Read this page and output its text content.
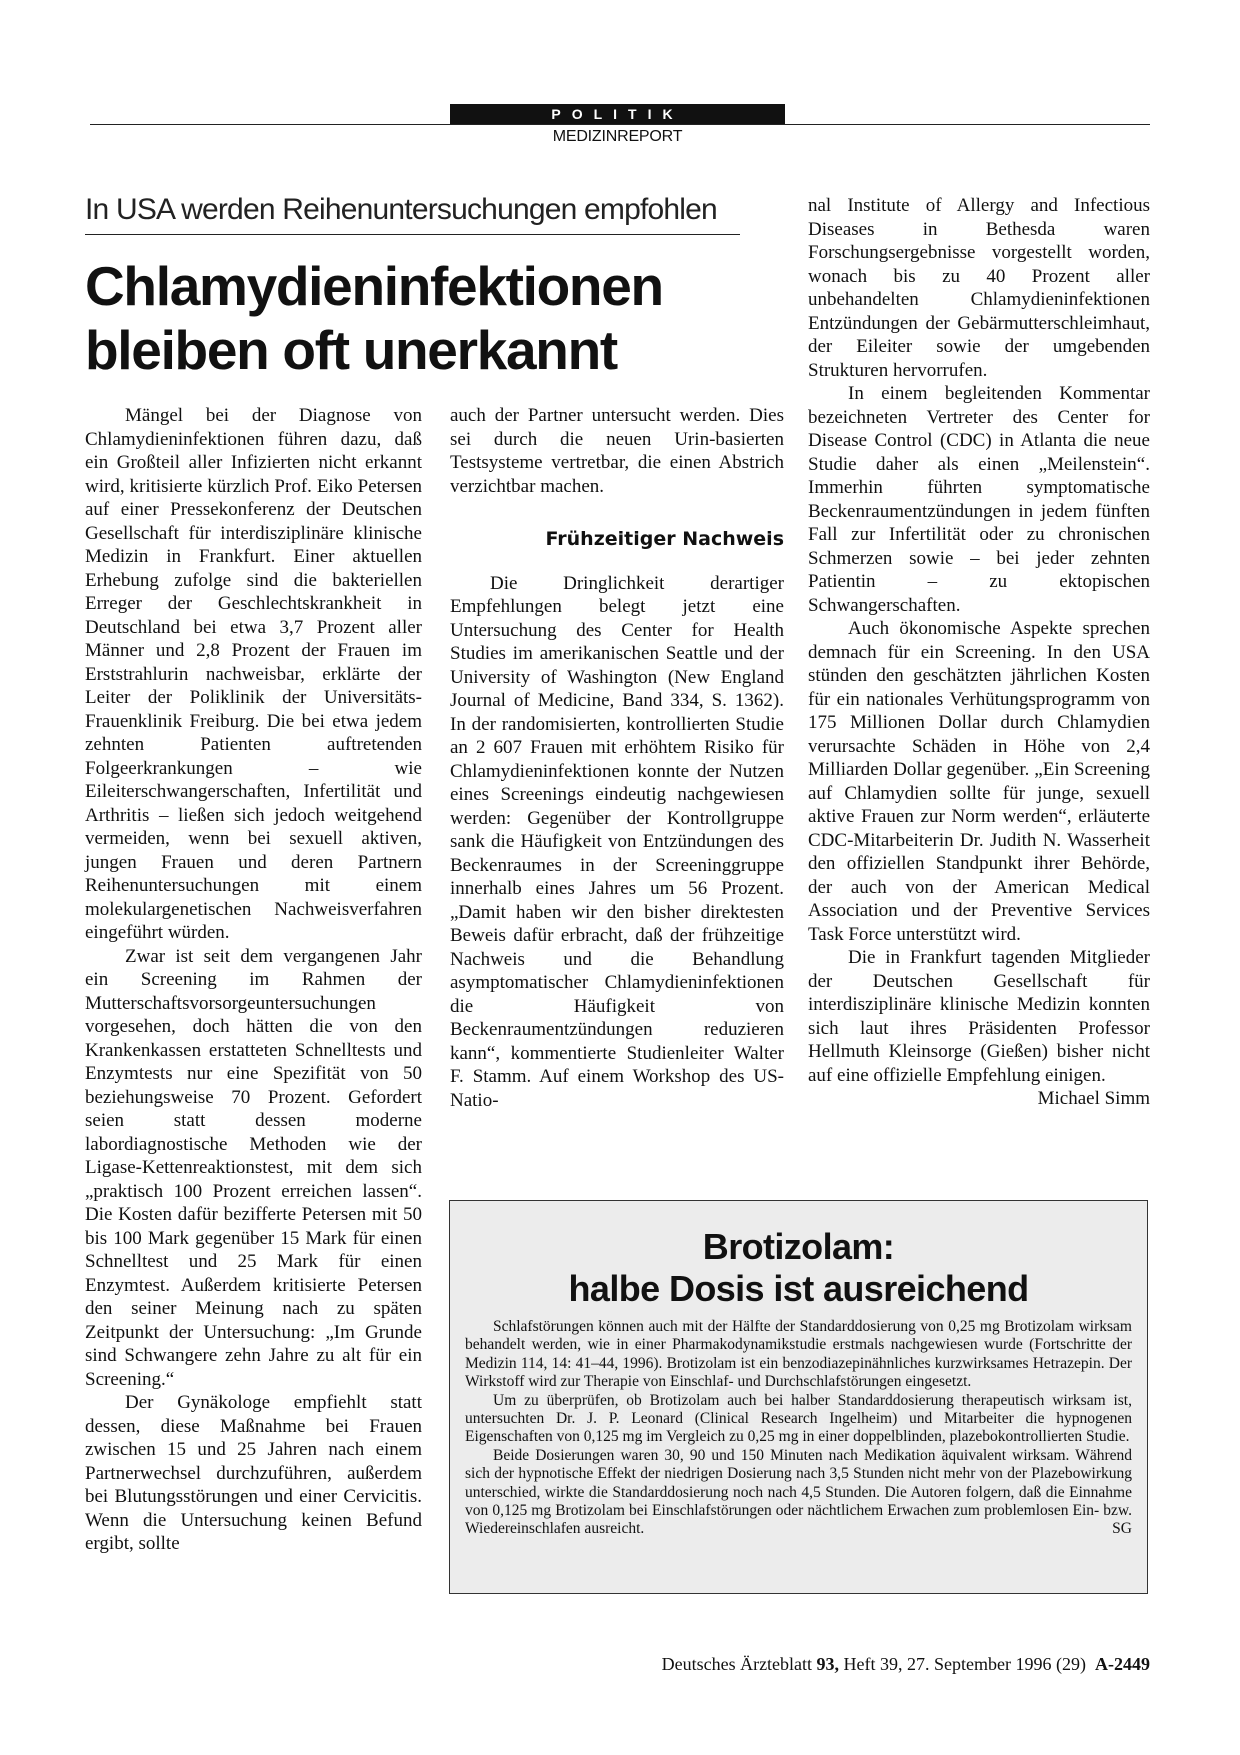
POLITIK
MEDIZINREPORT
In USA werden Reihenuntersuchungen empfohlen
Chlamydieninfektionen
bleiben oft unerkannt

Mängel bei der Diagnose von Chlamydieninfektionen führen dazu, daß ein Großteil aller Infizierten nicht erkannt wird, kritisierte kürzlich Prof. Eiko Petersen auf einer Pressekonferenz der Deutschen Gesellschaft für interdisziplinäre klinische Medizin in Frankfurt. Einer aktuellen Erhebung zufolge sind die bakteriellen Erreger der Geschlechtskrankheit in Deutschland bei etwa 3,7 Prozent aller Männer und 2,8 Prozent der Frauen im Erststrahlurin nachweisbar, erklärte der Leiter der Poliklinik der Universitäts-Frauenklinik Freiburg. Die bei etwa jedem zehnten Patienten auftretenden Folgeerkrankungen – wie Eileiterschwangerschaften, Infertilität und Arthritis – ließen sich jedoch weitgehend vermeiden, wenn bei sexuell aktiven, jungen Frauen und deren Partnern Reihenuntersuchungen mit einem molekulargenetischen Nachweisverfahren eingeführt würden.

Zwar ist seit dem vergangenen Jahr ein Screening im Rahmen der Mutterschaftsvorsorgeuntersuchungen vorgesehen, doch hätten die von den Krankenkassen erstatteten Schnelltests und Enzymtests nur eine Spezifität von 50 beziehungsweise 70 Prozent. Gefordert seien statt dessen moderne labordiagnostische Methoden wie der Ligase-Kettenreaktionstest, mit dem sich „praktisch 100 Prozent erreichen lassen“. Die Kosten dafür bezifferte Petersen mit 50 bis 100 Mark gegenüber 15 Mark für einen Schnelltest und 25 Mark für einen Enzymtest. Außerdem kritisierte Petersen den seiner Meinung nach zu späten Zeitpunkt der Untersuchung: „Im Grunde sind Schwangere zehn Jahre zu alt für ein Screening.“

Der Gynäkologe empfiehlt statt dessen, diese Maßnahme bei Frauen zwischen 15 und 25 Jahren nach einem Partnerwechsel durchzuführen, außerdem bei Blutungsstörungen und einer Cervicitis. Wenn die Untersuchung keinen Befund ergibt, sollte

auch der Partner untersucht werden. Dies sei durch die neuen Urin-basierten Testsysteme vertretbar, die einen Abstrich verzichtbar machen.

Frühzeitiger Nachweis

Die Dringlichkeit derartiger Empfehlungen belegt jetzt eine Untersuchung des Center for Health Studies im amerikanischen Seattle und der University of Washington (New England Journal of Medicine, Band 334, S. 1362). In der randomisierten, kontrollierten Studie an 2 607 Frauen mit erhöhtem Risiko für Chlamydieninfektionen konnte der Nutzen eines Screenings eindeutig nachgewiesen werden: Gegenüber der Kontrollgruppe sank die Häufigkeit von Entzündungen des Beckenraumes in der Screeninggruppe innerhalb eines Jahres um 56 Prozent. „Damit haben wir den bisher direktesten Beweis dafür erbracht, daß der frühzeitige Nachweis und die Behandlung asymptomatischer Chlamydieninfektionen die Häufigkeit von Beckenraumentzündungen reduzieren kann“, kommentierte Studienleiter Walter F. Stamm. Auf einem Workshop des US-Natio-

nal Institute of Allergy and Infectious Diseases in Bethesda waren Forschungsergebnisse vorgestellt worden, wonach bis zu 40 Prozent aller unbehandelten Chlamydieninfektionen Entzündungen der Gebärmutterschleimhaut, der Eileiter sowie der umgebenden Strukturen hervorrufen.

In einem begleitenden Kommentar bezeichneten Vertreter des Center for Disease Control (CDC) in Atlanta die neue Studie daher als einen „Meilenstein“. Immerhin führten symptomatische Beckenraumentzündungen in jedem fünften Fall zur Infertilität oder zu chronischen Schmerzen sowie – bei jeder zehnten Patientin – zu ektopischen Schwangerschaften.

Auch ökonomische Aspekte sprechen demnach für ein Screening. In den USA stünden den geschätzten jährlichen Kosten für ein nationales Verhütungsprogramm von 175 Millionen Dollar durch Chlamydien verursachte Schäden in Höhe von 2,4 Milliarden Dollar gegenüber. „Ein Screening auf Chlamydien sollte für junge, sexuell aktive Frauen zur Norm werden“, erläuterte CDC-Mitarbeiterin Dr. Judith N. Wasserheit den offiziellen Standpunkt ihrer Behörde, der auch von der American Medical Association und der Preventive Services Task Force unterstützt wird.

Die in Frankfurt tagenden Mitglieder der Deutschen Gesellschaft für interdisziplinäre klinische Medizin konnten sich laut ihres Präsidenten Professor Hellmuth Kleinsorge (Gießen) bisher nicht auf eine offizielle Empfehlung einigen.
Michael Simm

Brotizolam:
halbe Dosis ist ausreichend

Schlafstörungen können auch mit der Hälfte der Standarddosierung von 0,25 mg Brotizolam wirksam behandelt werden, wie in einer Pharmakodynamikstudie erstmals nachgewiesen wurde (Fortschritte der Medizin 114, 14: 41–44, 1996). Brotizolam ist ein benzodiazepinähnliches kurzwirksames Hetrazepin. Der Wirkstoff wird zur Therapie von Einschlaf- und Durchschlafstörungen eingesetzt.

Um zu überprüfen, ob Brotizolam auch bei halber Standarddosierung therapeutisch wirksam ist, untersuchten Dr. J. P. Leonard (Clinical Research Ingelheim) und Mitarbeiter die hypnogenen Eigenschaften von 0,125 mg im Vergleich zu 0,25 mg in einer doppelblinden, plazebokontrollierten Studie.

Beide Dosierungen waren 30, 90 und 150 Minuten nach Medikation äquivalent wirksam. Während sich der hypnotische Effekt der niedrigen Dosierung nach 3,5 Stunden nicht mehr von der Plazebowirkung unterschied, wirkte die Standarddosierung noch nach 4,5 Stunden. Die Autoren folgern, daß die Einnahme von 0,125 mg Brotizolam bei Einschlafstörungen oder nächtlichem Erwachen zum problemlosen Ein- bzw. Wiedereinschlafen ausreicht.	SG

Deutsches Ärzteblatt 93, Heft 39, 27. September 1996 (29) A-2449
